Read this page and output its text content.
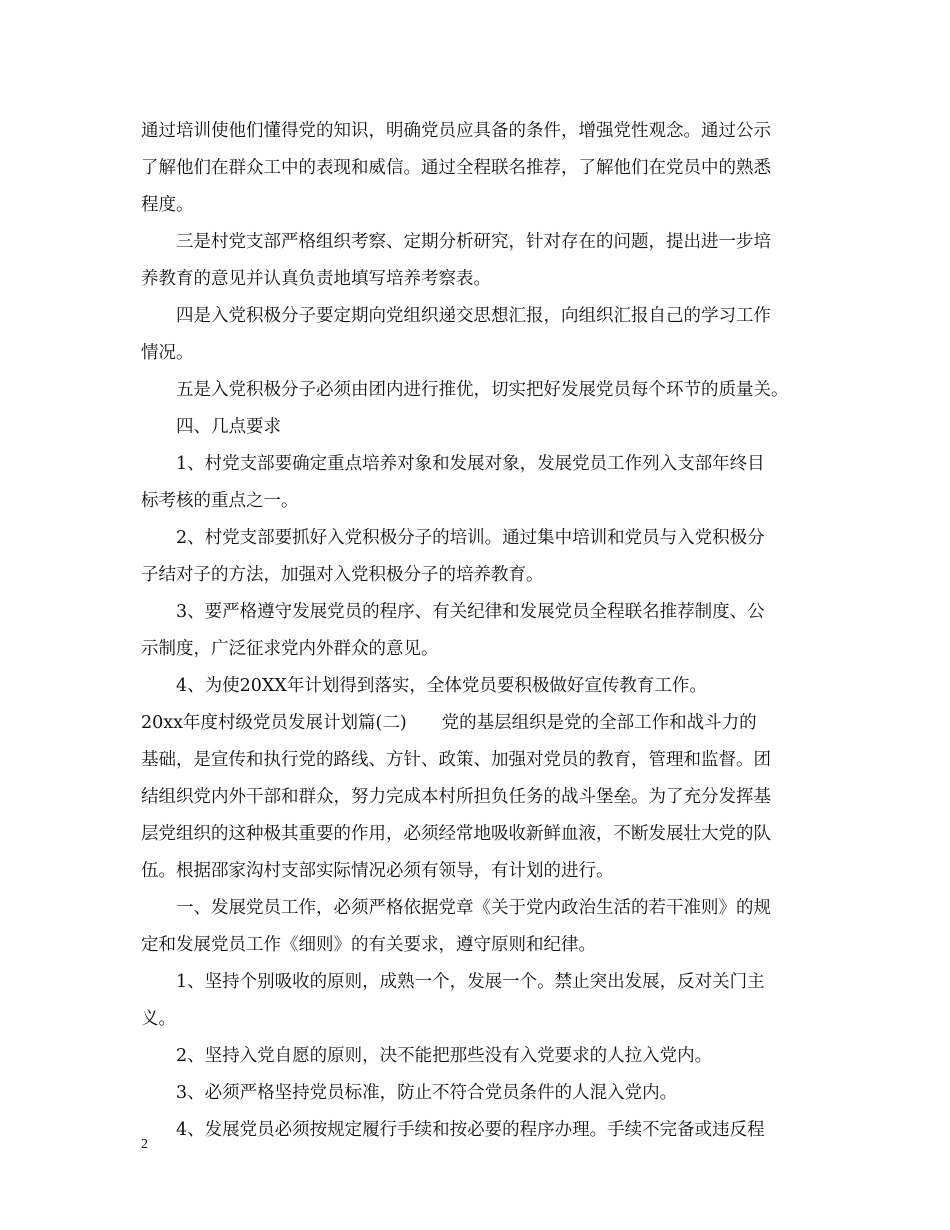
通过培训使他们懂得党的知识，明确党员应具备的条件，增强党性观念。通过公示
了解他们在群众工中的表现和威信。通过全程联名推荐，了解他们在党员中的熟悉
程度。
三是村党支部严格组织考察、定期分析研究，针对存在的问题，提出进一步培
养教育的意见并认真负责地填写培养考察表。
四是入党积极分子要定期向党组织递交思想汇报，向组织汇报自己的学习工作
情况。
五是入党积极分子必须由团内进行推优，切实把好发展党员每个环节的质量关。
四、几点要求
1、村党支部要确定重点培养对象和发展对象，发展党员工作列入支部年终目
标考核的重点之一。
2、村党支部要抓好入党积极分子的培训。通过集中培训和党员与入党积极分
子结对子的方法，加强对入党积极分子的培养教育。
3、要严格遵守发展党员的程序、有关纪律和发展党员全程联名推荐制度、公
示制度，广泛征求党内外群众的意见。
4、为使20XX年计划得到落实，全体党员要积极做好宣传教育工作。
20xx年度村级党员发展计划篇(二)　　党的基层组织是党的全部工作和战斗力的
基础，是宣传和执行党的路线、方针、政策、加强对党员的教育，管理和监督。团
结组织党内外干部和群众，努力完成本村所担负任务的战斗堡垒。为了充分发挥基
层党组织的这种极其重要的作用，必须经常地吸收新鲜血液，不断发展壮大党的队
伍。根据邵家沟村支部实际情况必须有领导，有计划的进行。
一、发展党员工作，必须严格依据党章《关于党内政治生活的若干准则》的规
定和发展党员工作《细则》的有关要求，遵守原则和纪律。
1、坚持个别吸收的原则，成熟一个，发展一个。禁止突出发展，反对关门主
义。
2、坚持入党自愿的原则，决不能把那些没有入党要求的人拉入党内。
3、必须严格坚持党员标准，防止不符合党员条件的人混入党内。
4、发展党员必须按规定履行手续和按必要的程序办理。手续不完备或违反程
2
